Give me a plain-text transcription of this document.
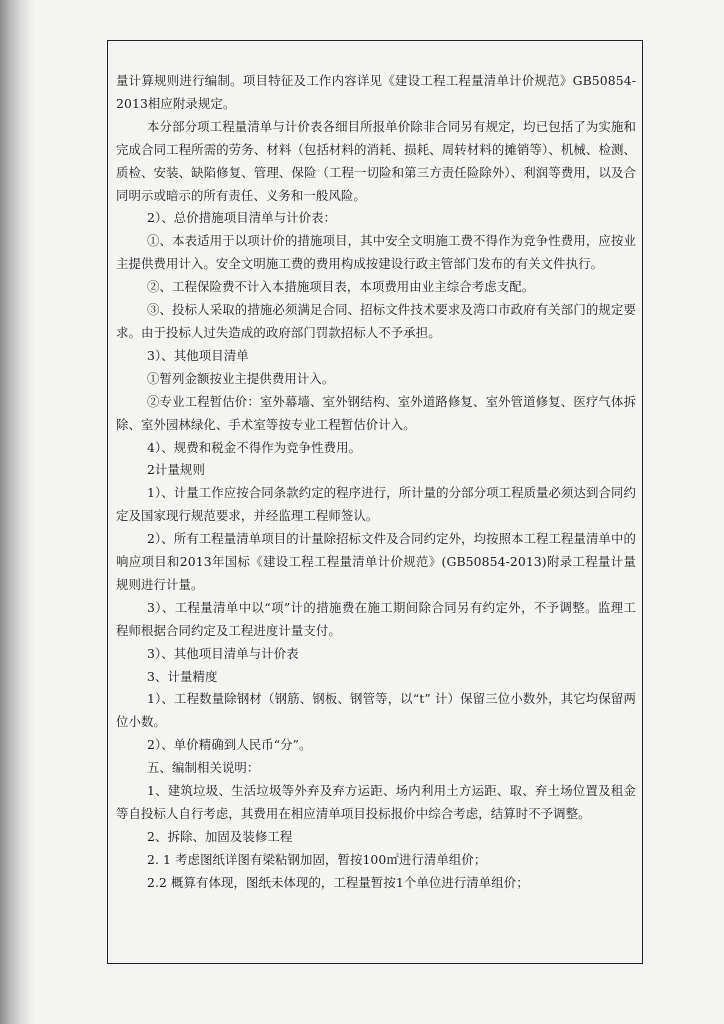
量计算规则进行编制。项目特征及工作内容详见《建设工程工程量清单计价规范》GB50854-2013相应附录规定。

本分部分项工程量清单与计价表各细目所报单价除非合同另有规定，均已包括了为实施和完成合同工程所需的劳务、材料（包括材料的消耗、损耗、周转材料的摊销等）、机械、检测、质检、安装、缺陷修复、管理、保险（工程一切险和第三方责任险除外）、利润等费用，以及合同明示或暗示的所有责任、义务和一般风险。

2）、总价措施项目清单与计价表：

①、本表适用于以项计价的措施项目，其中安全文明施工费不得作为竞争性费用，应按业主提供费用计入。安全文明施工费的费用构成按建设行政主管部门发布的有关文件执行。

②、工程保险费不计入本措施项目表，本项费用由业主综合考虑支配。

③、投标人采取的措施必须满足合同、招标文件技术要求及湾口市政府有关部门的规定要求。由于投标人过失造成的政府部门罚款招标人不予承担。

3）、其他项目清单

①暂列金额按业主提供费用计入。

②专业工程暂估价：室外幕墙、室外钢结构、室外道路修复、室外管道修复、医疗气体拆除、室外园林绿化、手术室等按专业工程暂估价计入。

4）、规费和税金不得作为竞争性费用。

2计量规则

1）、计量工作应按合同条款约定的程序进行，所计量的分部分项工程质量必须达到合同约定及国家现行规范要求，并经监理工程师签认。

2）、所有工程量清单项目的计量除招标文件及合同约定外，均按照本工程工程量清单中的响应项目和2013年国标《建设工程工程量清单计价规范》(GB50854-2013)附录工程量计量规则进行计量。

3）、工程量清单中以“项”计的措施费在施工期间除合同另有约定外，不予调整。监理工程师根据合同约定及工程进度计量支付。

3）、其他项目清单与计价表

3、计量精度

1）、工程数量除钢材（钢筋、钢板、钢管等，以“t” 计）保留三位小数外，其它均保留两位小数。

2）、单价精确到人民币“分”。

五、编制相关说明：

1、建筑垃圾、生活垃圾等外弃及弃方运距、场内利用土方运距、取、弃土场位置及租金等自投标人自行考虑，其费用在相应清单项目投标报价中综合考虑，结算时不予调整。

2、拆除、加固及装修工程

2. 1 考虑图纸详图有梁粘钢加固，暂按100㎡进行清单组价；

2.2 概算有体现，图纸未体现的，工程量暂按1个单位进行清单组价；
